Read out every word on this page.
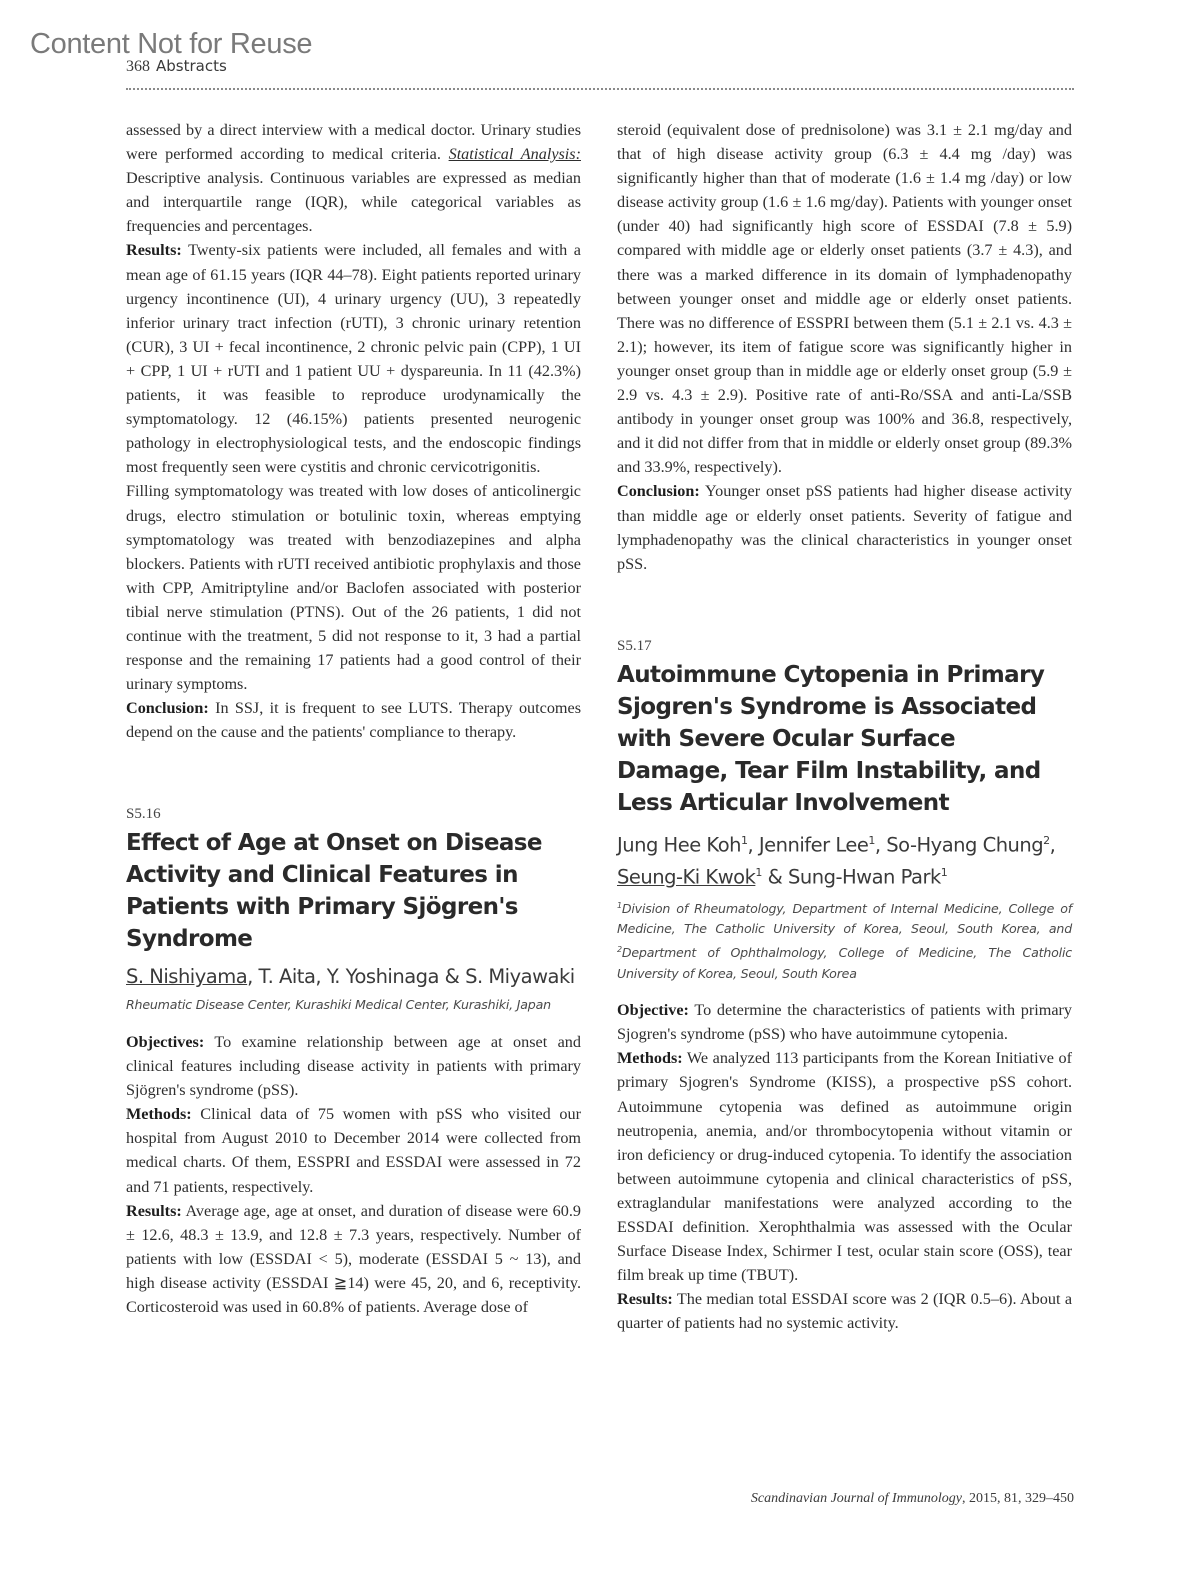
Content Not for Reuse
368 Abstracts

assessed by a direct interview with a medical doctor. Urinary studies were performed according to medical criteria. Statistical Analysis: Descriptive analysis. Continuous variables are expressed as median and interquartile range (IQR), while categorical variables as frequencies and percentages.

Results: Twenty-six patients were included, all females and with a mean age of 61.15 years (IQR 44–78). Eight patients reported urinary urgency incontinence (UI), 4 urinary urgency (UU), 3 repeatedly inferior urinary tract infection (rUTI), 3 chronic urinary retention (CUR), 3 UI + fecal incontinence, 2 chronic pelvic pain (CPP), 1 UI + CPP, 1 UI + rUTI and 1 patient UU + dyspareunia. In 11 (42.3%) patients, it was feasible to reproduce urodynamically the symptomatology. 12 (46.15%) patients presented neurogenic pathology in electrophysiological tests, and the endoscopic findings most frequently seen were cystitis and chronic cervicotrigonitis.

Filling symptomatology was treated with low doses of anticolinergic drugs, electro stimulation or botulinic toxin, whereas emptying symptomatology was treated with benzodiazepines and alpha blockers. Patients with rUTI received antibiotic prophylaxis and those with CPP, Amitriptyline and/or Baclofen associated with posterior tibial nerve stimulation (PTNS). Out of the 26 patients, 1 did not continue with the treatment, 5 did not response to it, 3 had a partial response and the remaining 17 patients had a good control of their urinary symptoms.

Conclusion: In SSJ, it is frequent to see LUTS. Therapy outcomes depend on the cause and the patients' compliance to therapy.

S5.16

Effect of Age at Onset on Disease Activity and Clinical Features in Patients with Primary Sjögren's Syndrome

S. Nishiyama, T. Aita, Y. Yoshinaga & S. Miyawaki

Rheumatic Disease Center, Kurashiki Medical Center, Kurashiki, Japan

Objectives: To examine relationship between age at onset and clinical features including disease activity in patients with primary Sjögren's syndrome (pSS).

Methods: Clinical data of 75 women with pSS who visited our hospital from August 2010 to December 2014 were collected from medical charts. Of them, ESSPRI and ESSDAI were assessed in 72 and 71 patients, respectively.

Results: Average age, age at onset, and duration of disease were 60.9 ± 12.6, 48.3 ± 13.9, and 12.8 ± 7.3 years, respectively. Number of patients with low (ESSDAI < 5), moderate (ESSDAI 5 ~ 13), and high disease activity (ESSDAI ≧14) were 45, 20, and 6, receptivity. Corticosteroid was used in 60.8% of patients. Average dose of

steroid (equivalent dose of prednisolone) was 3.1 ± 2.1 mg/day and that of high disease activity group (6.3 ± 4.4 mg /day) was significantly higher than that of moderate (1.6 ± 1.4 mg /day) or low disease activity group (1.6 ± 1.6 mg/day). Patients with younger onset (under 40) had significantly high score of ESSDAI (7.8 ± 5.9) compared with middle age or elderly onset patients (3.7 ± 4.3), and there was a marked difference in its domain of lymphadenopathy between younger onset and middle age or elderly onset patients. There was no difference of ESSPRI between them (5.1 ± 2.1 vs. 4.3 ± 2.1); however, its item of fatigue score was significantly higher in younger onset group than in middle age or elderly onset group (5.9 ± 2.9 vs. 4.3 ± 2.9). Positive rate of anti-Ro/SSA and anti-La/SSB antibody in younger onset group was 100% and 36.8, respectively, and it did not differ from that in middle or elderly onset group (89.3% and 33.9%, respectively).

Conclusion: Younger onset pSS patients had higher disease activity than middle age or elderly onset patients. Severity of fatigue and lymphadenopathy was the clinical characteristics in younger onset pSS.

S5.17

Autoimmune Cytopenia in Primary Sjogren's Syndrome is Associated with Severe Ocular Surface Damage, Tear Film Instability, and Less Articular Involvement

Jung Hee Koh$^1$, Jennifer Lee$^1$, So-Hyang Chung$^2$,
Seung-Ki Kwok$^1$ & Sung-Hwan Park$^1$

$^1$Division of Rheumatology, Department of Internal Medicine, College of Medicine, The Catholic University of Korea, Seoul, South Korea, and $^2$Department of Ophthalmology, College of Medicine, The Catholic University of Korea, Seoul, South Korea

Objective: To determine the characteristics of patients with primary Sjogren's syndrome (pSS) who have autoimmune cytopenia.

Methods: We analyzed 113 participants from the Korean Initiative of primary Sjogren's Syndrome (KISS), a prospective pSS cohort. Autoimmune cytopenia was defined as autoimmune origin neutropenia, anemia, and/or thrombocytopenia without vitamin or iron deficiency or drug-induced cytopenia. To identify the association between autoimmune cytopenia and clinical characteristics of pSS, extraglandular manifestations were analyzed according to the ESSDAI definition. Xerophthalmia was assessed with the Ocular Surface Disease Index, Schirmer I test, ocular stain score (OSS), tear film break up time (TBUT).

Results: The median total ESSDAI score was 2 (IQR 0.5–6). About a quarter of patients had no systemic activity.

Scandinavian Journal of Immunology, 2015, 81, 329–450
